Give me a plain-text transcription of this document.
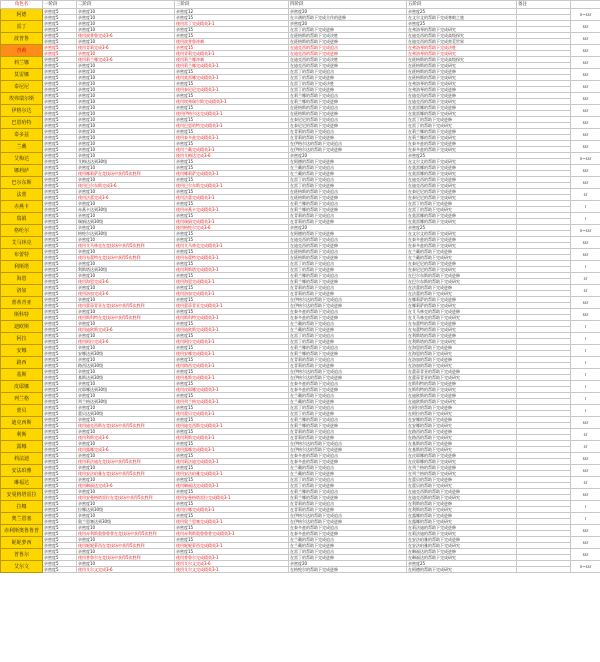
角色名	一阶段	二阶段	三阶段	四阶段	五阶段	备注	稀有度
阿德	亲密度5	亲密度10	亲密度12	亲密度20	亲密度25		n~ssr
	亲密度5	亲密度10	亲密度15	在丰满的帮助下完成合作的进修	在文尔文的帮助下完成寒暄之旅		
雷丁	亲密度5	亲密度10	使用雷丁完成精英3-1	亲密度20	亲密度25		ssr
	亲密度5	亲密度10	亲密度15	在雷丁的帮助下完成进修	在弗洛琴的帮助下完成研究		
波普鲁	亲密度5	使用波普鲁完成3-6	亲密度15	在班格斯的帮助下完成决胜	在迪克西的帮助下完成高级探究		ssr
	亲密度5	亲密度10	使用波普鲁冲刺	在班格斯的帮助下完成进修	在迪克西的帮助下完成蛮荒世界		
青莉	亲密度5	使用青莉完成3-6	亲密度15	在迪克西的帮助下完成追击	在弗洛琴的帮助下完成决胜		ssr
	亲密度5	亲密度10	使用青莉完成精英3-1	在迪克西的帮助下完成进修	在弗洛琴的帮助下完成研究		
莉兰娜	亲密度5	使用莉兰娜完成3-6	使用莉兰娜冲刺	在迪克西的帮助下完成决胜	在班格斯的帮助下完成高级探究		ssr
	亲密度5	亲密度10	使用莉兰娜完成精英3-1	在迪克西的帮助下完成进修	在班格斯的帮助下完成研究		
莫雷娜	亲密度5	亲密度10	亲密度15	在雷丁的帮助下完成追击	在班格斯的帮助下完成进修		ssr
	亲密度5	亲密度10	使用莫雷娜完成精英3-1	在雷丁的帮助下完成进修	在班格斯的帮助下完成研究		
泰尼尼	亲密度5	亲密度10	亲密度15	在雷丁的帮助下完成决胜	在弗洛琴的帮助下完成研究		ssr
	亲密度5	亲密度10	使用泰尼尼完成精英3-1	在雷丁的帮助下完成进修	在弗洛琴的帮助下完成进修		
埃弗瑞尔斯	亲密度5	亲密度10	亲密度15	在莉兰娜的帮助下完成追击	在迪克西的帮助下完成进修		ssr
	亲密度5	亲密度10	使用埃弗瑞尔斯完成精英3-1	在莉兰娜的帮助下完成进修	在迪克西的帮助下完成研究		
伊格尔达	亲密度5	亲密度10	亲密度15	在班格斯的帮助下完成追击	在莫雷娜的帮助下完成进修		ssr
	亲密度5	亲密度10	使用伊格尔达完成精英3-1	在班格斯的帮助下完成进修	在莫雷娜的帮助下完成研究		
巴恩哈特	亲密度5	亲密度10	亲密度15	在泰尼尼的帮助下完成追击	在雷丁的帮助下完成进修		ssr
	亲密度5	亲密度10	使用巴恩哈特完成精英3-1	在泰尼尼的帮助下完成进修	在雷丁的帮助下完成研究		
泰多兹	亲密度5	亲密度10	亲密度15	在青莉的帮助下完成追击	在莉兰娜的帮助下完成进修		ssr
	亲密度5	亲密度10	使用泰多兹完成精英3-1	在青莉的帮助下完成进修	在莉兰娜的帮助下完成研究		
兰戴	亲密度5	亲密度10	亲密度15	在伊格尔达的帮助下完成追击	在泰多兹的帮助下完成进修		ssr
	亲密度5	亲密度10	使用兰戴完成精英3-1	在伊格尔达的帮助下完成进修	在泰多兹的帮助下完成研究		
艾梅达	亲密度5	亲密度10	使用艾梅达完成3-6	亲密度20	亲密度25		n~ssr
	亲密度5	艾梅达达到30级	亲密度15	在阿德的帮助下完成进修	在文尔文的帮助下完成研究		
娜莉萨	亲密度5	亲密度10	亲密度15	在兰戴的帮助下完成追击	在莫雷娜的帮助下完成进修		ssr
	亲密度5	使用娜莉萨在竞技场中获得5次胜利	使用娜莉萨完成精英3-1	在兰戴的帮助下完成进修	在莫雷娜的帮助下完成研究		
巴尔东斯	亲密度5	亲密度10	亲密度15	在雷丁的帮助下完成追击	在迪克西的帮助下完成进修		ssr
	亲密度5	使用巴尔东斯完成3-6	使用巴尔东斯完成精英3-1	在雷丁的帮助下完成进修	在迪克西的帮助下完成研究		
法蕾	亲密度5	亲密度10	亲密度15	在班格斯的帮助下完成追击	在泰尼尼的帮助下完成进修		sr
	亲密度5	使用法蕾完成3-6	使用法蕾完成精英3-1	在班格斯的帮助下完成进修	在泰尼尼的帮助下完成研究		
赤燕卡	亲密度5	亲密度10	亲密度15	在莉兰娜的帮助下完成追击	在雷丁的帮助下完成进修		r
	亲密度5	赤燕卡达到30级	使用赤燕卡完成精英3-1	在莉兰娜的帮助下完成进修	在雷丁的帮助下完成研究		
瑞娟	亲密度5	亲密度10	亲密度15	在青莉的帮助下完成追击	在莫雷娜的帮助下完成进修		r
	亲密度5	瑞娟达到30级	使用瑞娟完成精英3-1	在青莉的帮助下完成进修	在莫雷娜的帮助下完成研究		
格纶尔	亲密度5	亲密度10	使用格纶尔完成3-6	亲密度20	亲密度25		n~ssr
	亲密度5	格纶尔达到30级	亲密度15	在阿德的帮助下完成进修	在文尔文的帮助下完成研究		
艾马林克	亲密度5	亲密度10	亲密度15	在迪克西的帮助下完成追击	在泰多兹的帮助下完成进修		ssr
	亲密度5	使用艾马林克在竞技场中获得5次胜利	使用艾马林克完成精英3-1	在迪克西的帮助下完成进修	在泰多兹的帮助下完成研究		
布蕾特	亲密度5	亲密度10	亲密度15	在班格斯的帮助下完成追击	在兰戴的帮助下完成进修		ssr
	亲密度5	使用布蕾特在竞技场中获得5次胜利	使用布蕾特完成精英3-1	在班格斯的帮助下完成进修	在兰戴的帮助下完成研究		
利斯塔	亲密度5	亲密度10	亲密度15	在雷丁的帮助下完成追击	在泰尼尼的帮助下完成进修		r
	亲密度5	利斯塔达到30级	使用利斯塔完成精英3-1	在雷丁的帮助下完成进修	在泰尼尼的帮助下完成研究		
海恩	亲密度5	亲密度10	亲密度15	在莉兰娜的帮助下完成追击	在巴尔东斯的帮助下完成进修		sr
	亲密度5	使用海恩完成3-6	使用海恩完成精英3-1	在莉兰娜的帮助下完成进修	在巴尔东斯的帮助下完成研究		
洛加	亲密度5	亲密度10	亲密度15	在青莉的帮助下完成追击	在法蕾的帮助下完成进修		sr
	亲密度5	使用洛加完成3-6	使用洛加完成精英3-1	在青莉的帮助下完成进修	在法蕾的帮助下完成研究		
蕾蒂青亚	亲密度5	亲密度10	亲密度15	在伊格尔达的帮助下完成追击	在娜莉萨的帮助下完成进修		ssr
	亲密度5	使用蕾蒂青亚在竞技场中获得5次胜利	使用蕾蒂青亚完成精英3-1	在伊格尔达的帮助下完成进修	在娜莉萨的帮助下完成研究		
斯科特	亲密度5	亲密度10	亲密度15	在泰多兹的帮助下完成追击	在艾马林克的帮助下完成进修		ssr
	亲密度5	使用斯科特在竞技场中获得5次胜利	使用斯科特完成精英3-1	在泰多兹的帮助下完成进修	在艾马林克的帮助下完成研究		
迪欧斯	亲密度5	亲密度10	亲密度15	在兰戴的帮助下完成追击	在布蕾特的帮助下完成进修		r
	亲密度5	使用迪欧斯完成3-6	使用迪欧斯完成精英3-1	在兰戴的帮助下完成进修	在布蕾特的帮助下完成研究		
阿拉	亲密度5	亲密度10	亲密度15	在雷丁的帮助下完成追击	在利斯塔的帮助下完成进修		r
	亲密度5	使用阿拉完成3-6	使用阿拉完成精英3-1	在雷丁的帮助下完成进修	在利斯塔的帮助下完成研究		
安娜	亲密度5	亲密度10	亲密度15	在莉兰娜的帮助下完成追击	在海恩的帮助下完成进修		r
	亲密度5	安娜达到30级	使用安娜完成精英3-1	在莉兰娜的帮助下完成进修	在海恩的帮助下完成研究		
路西	亲密度5	亲密度10	亲密度15	在青莉的帮助下完成追击	在洛加的帮助下完成进修		r
	亲密度5	路西达到30级	使用路西完成精英3-1	在青莉的帮助下完成进修	在洛加的帮助下完成研究		
基斯	亲密度5	亲密度10	亲密度15	在伊格尔达的帮助下完成追击	在蕾蒂青亚的帮助下完成进修		r
	亲密度5	基斯达到30级	使用基斯完成精英3-1	在伊格尔达的帮助下完成进修	在蕾蒂青亚的帮助下完成研究		
皮耶娜	亲密度5	亲密度10	亲密度15	在泰多兹的帮助下完成追击	在斯科特的帮助下完成进修		r
	亲密度5	皮耶娜达到30级	使用皮耶娜完成精英3-1	在泰多兹的帮助下完成进修	在斯科特的帮助下完成研究		
列兰格	亲密度5	亲密度10	亲密度15	在兰戴的帮助下完成追击	在迪欧斯的帮助下完成进修		r
	亲密度5	列兰格达到30级	使用列兰格完成精英3-1	在兰戴的帮助下完成进修	在迪欧斯的帮助下完成研究		
蕾贝	亲密度5	亲密度10	亲密度15	在雷丁的帮助下完成追击	在阿拉的帮助下完成进修		r
	亲密度5	蕾贝达到30级	使用蕾贝完成精英3-1	在雷丁的帮助下完成进修	在阿拉的帮助下完成研究		
迪克西斯	亲密度5	亲密度10	亲密度15	在莉兰娜的帮助下完成追击	在安娜的帮助下完成进修		ssr
	亲密度5	使用迪克西斯在竞技场中获得5次胜利	使用迪克西斯完成精英3-1	在莉兰娜的帮助下完成进修	在安娜的帮助下完成研究		
利斯	亲密度5	亲密度10	亲密度15	在青莉的帮助下完成追击	在路西的帮助下完成进修		sr
	亲密度5	使用利斯完成3-6	使用利斯完成精英3-1	在青莉的帮助下完成进修	在路西的帮助下完成研究		
露娜	亲密度5	亲密度10	亲密度15	在伊格尔达的帮助下完成追击	在基斯的帮助下完成进修		sr
	亲密度5	使用露娜完成3-6	使用露娜完成精英3-1	在伊格尔达的帮助下完成进修	在基斯的帮助下完成研究		
莉法迪	亲密度5	亲密度10	亲密度15	在泰多兹的帮助下完成追击	在皮耶娜的帮助下完成进修		ssr
	亲密度5	使用莉法迪在竞技场中获得5次胜利	使用莉法迪完成精英3-1	在泰多兹的帮助下完成进修	在皮耶娜的帮助下完成研究		
安法珀雅	亲密度5	亲密度10	亲密度15	在兰戴的帮助下完成追击	在列兰格的帮助下完成进修		ssr
	亲密度5	使用安法珀雅在竞技场中获得5次胜利	使用安法珀雅完成精英3-1	在兰戴的帮助下完成进修	在列兰格的帮助下完成研究		
琳福达	亲密度5	亲密度10	亲密度15	在雷丁的帮助下完成追击	在蕾贝的帮助下完成进修		sr
	亲密度5	使用琳福达完成3-6	使用琳福达完成精英3-1	在雷丁的帮助下完成进修	在蕾贝的帮助下完成研究		
安曼格塔雷拉	亲密度5	亲密度10	亲密度15	在莉兰娜的帮助下完成追击	在迪克西斯的帮助下完成进修		ssr
	亲密度5	使用安曼格塔雷拉在竞技场中获得5次胜利	使用安曼格塔雷拉完成精英3-1	在莉兰娜的帮助下完成进修	在迪克西斯的帮助下完成研究		
拉娜	亲密度5	亲密度10	亲密度15	在青莉的帮助下完成追击	在利斯的帮助下完成进修		r
	亲密度5	拉娜达到30级	使用拉娜完成精英3-1	在青莉的帮助下完成进修	在利斯的帮助下完成研究		
奥兰恩塞	亲密度5	亲密度10	亲密度15	在伊格尔达的帮助下完成追击	在露娜的帮助下完成进修		r
	亲密度5	奥兰恩塞达到30级	使用奥兰恩塞完成精英3-1	在伊格尔达的帮助下完成进修	在露娜的帮助下完成研究		
赤利斯奥鲁鲁普	亲密度5	亲密度10	亲密度15	在泰多兹的帮助下完成追击	在莉法迪的帮助下完成进修		ssr
	亲密度5	使用赤利斯奥鲁鲁普在竞技场中获得5次胜利	使用赤利斯奥鲁鲁普完成精英3-1	在泰多兹的帮助下完成进修	在莉法迪的帮助下完成研究		
妮妮萝西	亲密度5	亲密度10	亲密度15	在兰戴的帮助下完成追击	在安法珀雅的帮助下完成进修		ssr
	亲密度5	使用妮妮萝西在竞技场中获得5次胜利	使用妮妮萝西完成精英3-1	在兰戴的帮助下完成进修	在安法珀雅的帮助下完成研究		
普鲁尔	亲密度5	亲密度10	亲密度15	在雷丁的帮助下完成追击	在琳福达的帮助下完成进修		ssr
	亲密度5	使用普鲁尔在竞技场中获得5次胜利	使用普鲁尔完成精英3-1	在雷丁的帮助下完成进修	在琳福达的帮助下完成研究		
艾尔文	亲密度5	亲密度10	使用艾尔文完成3-6	亲密度20	亲密度25		n~ssr
	亲密度5	使用艾尔文完成3-6	使用艾尔文完成精英3-1	在格纶尔的帮助下完成进修	在阿德的帮助下完成研究		
